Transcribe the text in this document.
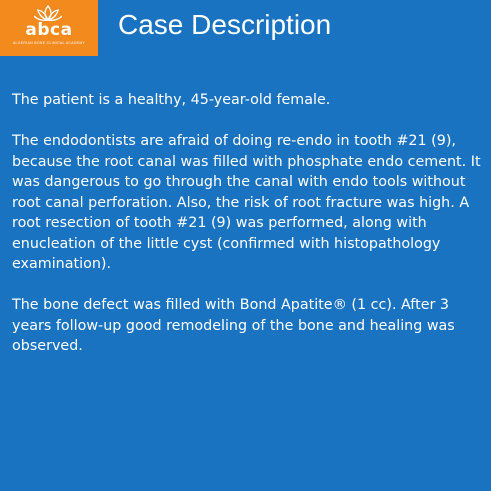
abca
ALGERIAN BONE CLINICAL ACADEMY
Case Description

The patient is a healthy, 45-year-old female.

The endodontists are afraid of doing re-endo in tooth #21 (9), because the root canal was filled with phosphate endo cement. It was dangerous to go through the canal with endo tools without root canal perforation. Also, the risk of root fracture was high. A root resection of tooth #21 (9) was performed, along with enucleation of the little cyst (confirmed with histopathology examination).

The bone defect was filled with Bond Apatite® (1 cc). After 3 years follow-up good remodeling of the bone and healing was observed.
